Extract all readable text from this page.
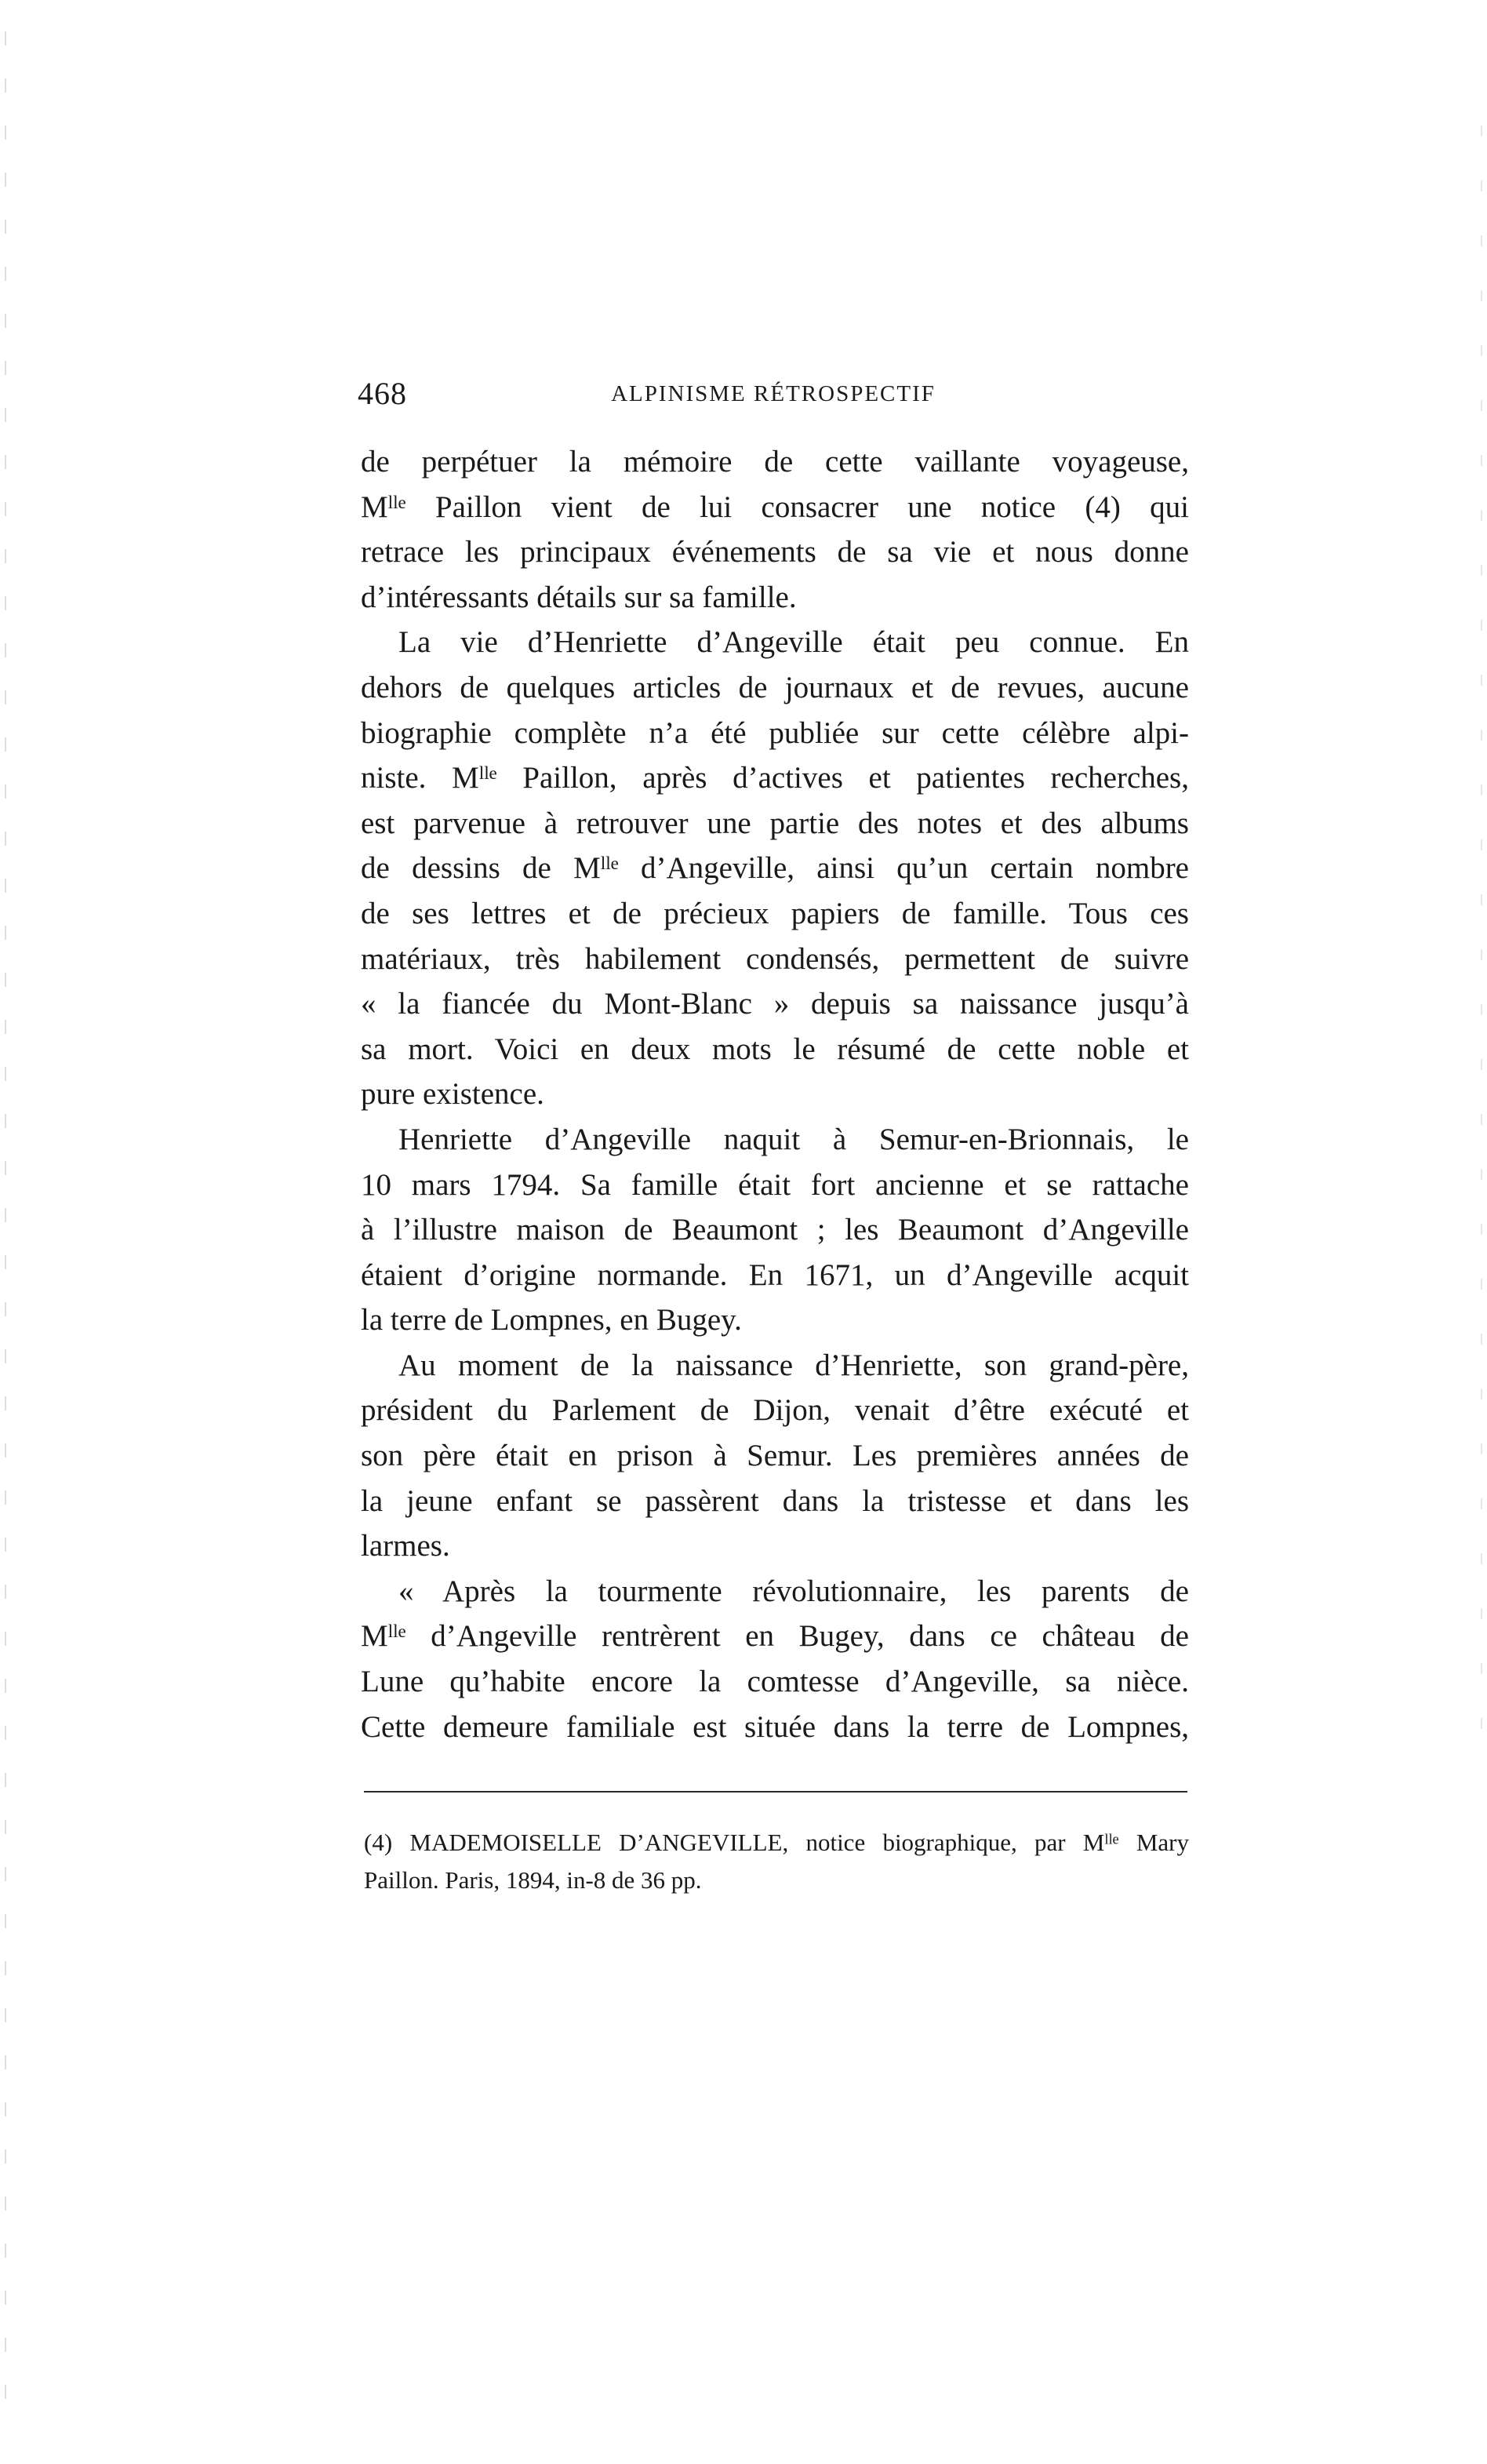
468	ALPINISME RÉTROSPECTIF
de perpétuer la mémoire de cette vaillante voyageuse,
Mˡˡᵉ Paillon vient de lui consacrer une notice (4) qui
retrace les principaux événements de sa vie et nous donne
d’intéressants détails sur sa famille.
La vie d’Henriette d’Angeville était peu connue. En
dehors de quelques articles de journaux et de revues, aucune
biographie complète n’a été publiée sur cette célèbre alpi-
niste. Mˡˡᵉ Paillon, après d’actives et patientes recherches,
est parvenue à retrouver une partie des notes et des albums
de dessins de Mˡˡᵉ d’Angeville, ainsi qu’un certain nombre
de ses lettres et de précieux papiers de famille. Tous ces
matériaux, très habilement condensés, permettent de suivre
« la fiancée du Mont-Blanc » depuis sa naissance jusqu’à
sa mort. Voici en deux mots le résumé de cette noble et
pure existence.
Henriette d’Angeville naquit à Semur-en-Brionnais, le
10 mars 1794. Sa famille était fort ancienne et se rattache
à l’illustre maison de Beaumont ; les Beaumont d’Angeville
étaient d’origine normande. En 1671, un d’Angeville acquit
la terre de Lompnes, en Bugey.
Au moment de la naissance d’Henriette, son grand-père,
président du Parlement de Dijon, venait d’être exécuté et
son père était en prison à Semur. Les premières années de
la jeune enfant se passèrent dans la tristesse et dans les
larmes.
« Après la tourmente révolutionnaire, les parents de
Mˡˡᵉ d’Angeville rentrèrent en Bugey, dans ce château de
Lune qu’habite encore la comtesse d’Angeville, sa nièce.
Cette demeure familiale est située dans la terre de Lompnes,
(4) MADEMOISELLE D’ANGEVILLE, notice biographique, par Mˡˡᵉ Mary
Paillon. Paris, 1894, in-8 de 36 pp.
